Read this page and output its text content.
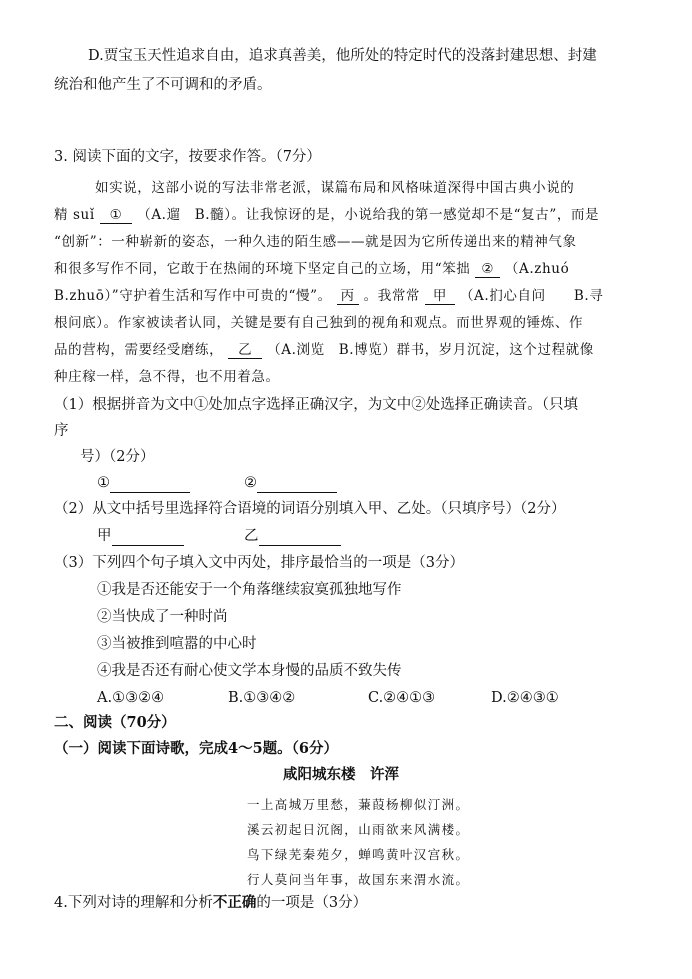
D.贾宝玉天性追求自由，追求真善美，他所处的特定时代的没落封建思想、封建
统治和他产生了不可调和的矛盾。
3. 阅读下面的文字，按要求作答。（7分）
如实说，这部小说的写法非常老派，谋篇布局和风格味道深得中国古典小说的
精 suǐ ① （A.遛　B.髓）。让我惊讶的是，小说给我的第一感觉却不是“复古”，而是
“创新”：一种崭新的姿态，一种久违的陌生感——就是因为它所传递出来的精神气象
和很多写作不同，它敢于在热闹的环境下坚定自己的立场，用“笨拙 ② （A.zhuó
B.zhuō）”守护着生活和写作中可贵的“慢”。 丙 。我常常 甲 （A.扪心自问　　B.寻
根问底）。作家被读者认同，关键是要有自己独到的视角和观点。而世界观的锤炼、作
品的营构，需要经受磨练， 乙 （A.浏览　B.博览）群书，岁月沉淀，这个过程就像
种庄稼一样，急不得，也不用着急。
（1）根据拼音为文中①处加点字选择正确汉字，为文中②处选择正确读音。（只填
序
号）（2分）
①	②
（2）从文中括号里选择符合语境的词语分别填入甲、乙处。（只填序号）（2分）
甲	乙
（3）下列四个句子填入文中丙处，排序最恰当的一项是（3分）
①我是否还能安于一个角落继续寂寞孤独地写作
②当快成了一种时尚
③当被推到喧嚣的中心时
④我是否还有耐心使文学本身慢的品质不致失传
A.①③②④	B.①③④②	C.②④①③	D.②④③①
二、阅读（70分）
（一）阅读下面诗歌，完成4～5题。（6分）
咸阳城东楼　许浑
一上高城万里愁，蒹葭杨柳似汀洲。
溪云初起日沉阁，山雨欲来风满楼。
鸟下绿芜秦苑夕，蝉鸣黄叶汉宫秋。
行人莫问当年事，故国东来渭水流。
4.下列对诗的理解和分析不正确的一项是（3分）
